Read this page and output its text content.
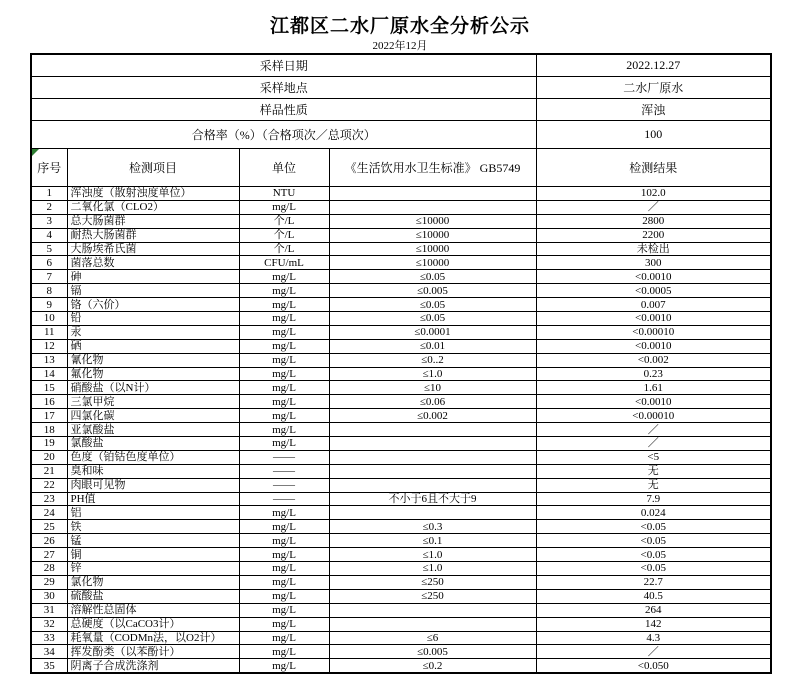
江都区二水厂原水全分析公示
2022年12月
采样日期				2022.12.27
采样地点				二水厂原水
样品性质				浑浊
合格率（%）（合格项次／总项次）				100

序号	检测项目	单位	《生活饮用水卫生标准》 GB5749	检测结果
1	浑浊度（散射浊度单位）	NTU		102.0
2	二氧化氯（CLO2）	mg/L		／
3	总大肠菌群	个/L	≤10000	2800
4	耐热大肠菌群	个/L	≤10000	2200
5	大肠埃希氏菌	个/L	≤10000	未检出
6	菌落总数	CFU/mL	≤10000	300
7	砷	mg/L	≤0.05	<0.0010
8	镉	mg/L	≤0.005	<0.0005
9	铬（六价）	mg/L	≤0.05	0.007
10	铅	mg/L	≤0.05	<0.0010
11	汞	mg/L	≤0.0001	<0.00010
12	硒	mg/L	≤0.01	<0.0010
13	氰化物	mg/L	≤0..2	<0.002
14	氟化物	mg/L	≤1.0	0.23
15	硝酸盐（以N计）	mg/L	≤10	1.61
16	三氯甲烷	mg/L	≤0.06	<0.0010
17	四氯化碳	mg/L	≤0.002	<0.00010
18	亚氯酸盐	mg/L		／
19	氯酸盐	mg/L		／
20	色度（铂钴色度单位）	——		<5
21	臭和味	——		无
22	肉眼可见物	——		无
23	PH值	——	不小于6且不大于9	7.9
24	铝	mg/L		0.024
25	铁	mg/L	≤0.3	<0.05
26	锰	mg/L	≤0.1	<0.05
27	铜	mg/L	≤1.0	<0.05
28	锌	mg/L	≤1.0	<0.05
29	氯化物	mg/L	≤250	22.7
30	硫酸盐	mg/L	≤250	40.5
31	溶解性总固体	mg/L		264
32	总硬度（以CaCO3计）	mg/L		142
33	耗氧量（CODMn法，以O2计）	mg/L	≤6	4.3
34	挥发酚类（以苯酚计）	mg/L	≤0.005	／
35	阴离子合成洗涤剂	mg/L	≤0.2	<0.050
